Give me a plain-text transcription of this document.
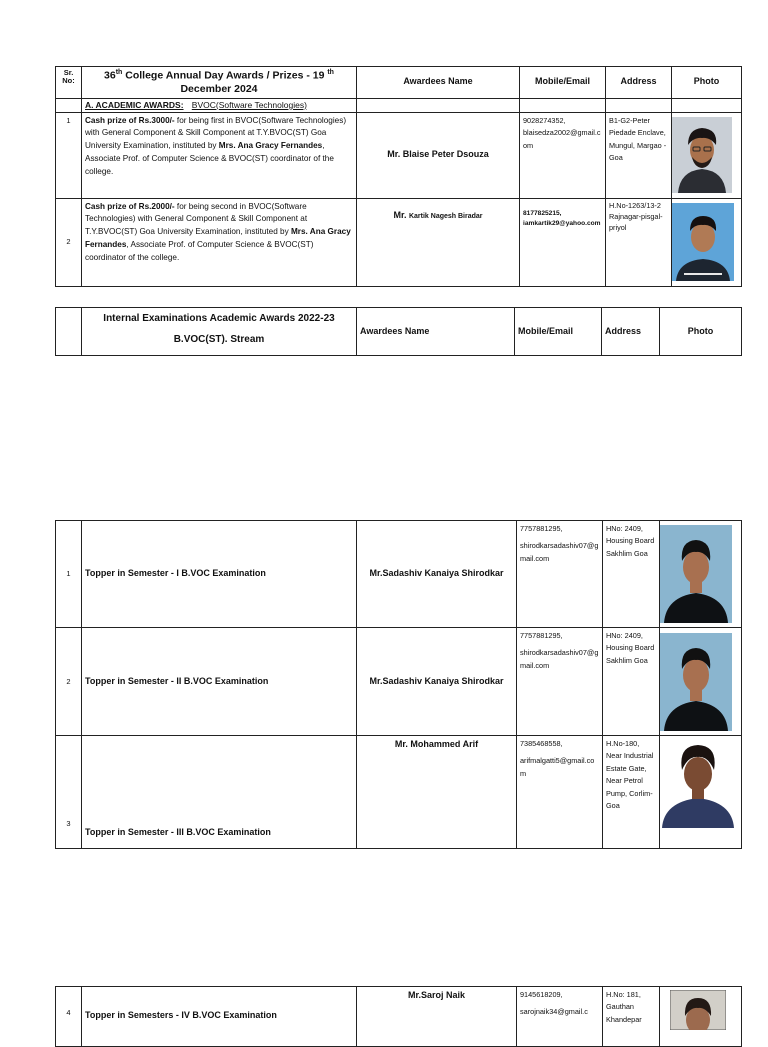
Sr. No:	36th College Annual Day Awards / Prizes - 19 $^{th}$
December 2024	Awardees Name	Mobile/Email	Address	Photo
	A. ACADEMIC AWARDS: BVOC(Software Technologies)				
1	Cash prize of Rs.3000/- for being first in BVOC(Software Technologies) with General Component & Skill Component at T.Y.BVOC(ST) Goa University Examination, instituted by Mrs. Ana Gracy Fernandes, Associate Prof. of Computer Science & BVOC(ST) coordinator of the college.	Mr. Blaise Peter Dsouza	9028274352,
blaisedza2002@gmail.com	B1-G2-Peter Piedade Enclave, Mungul, Margao - Goa	

2	Cash prize of Rs.2000/- for being second in BVOC(Software Technologies) with General Component & Skill Component at T.Y.BVOC(ST) Goa University Examination, instituted by Mrs. Ana Gracy Fernandes, Associate Prof. of Computer Science & BVOC(ST) coordinator of the college.	Mr. Kartik Nagesh Biradar	8177825215,
iamkartik29@yahoo.com	H.No-1263/13-2 Rajnagar-pisgal-priyol	

Internal Examinations Academic Awards 2022-23
B.VOC(ST). Stream
	Awardees Name	Mobile/Email	Address	Photo
1	Topper in Semester - I B.VOC Examination	Mr.Sadashiv Kanaiya Shirodkar	7757881295,
shirodkarsadashiv07@gmail.com	HNo: 2409, Housing Board Sakhlim Goa	

2	Topper in Semester - II B.VOC Examination	Mr.Sadashiv Kanaiya Shirodkar	7757881295,
shirodkarsadashiv07@gmail.com	HNo: 2409, Housing Board Sakhlim Goa	

3	Topper in Semester - III B.VOC Examination	Mr. Mohammed Arif	7385468558,
arifmalgatti5@gmail.com	H.No-180, Near Industrial Estate Gate, Near Petrol Pump, Corlim-Goa	
4	Topper in Semesters - IV B.VOC Examination	Mr.Saroj Naik	9145618209,
sarojnaik34@gmail.c
	H.No: 181, Gauthan Khandepar	
